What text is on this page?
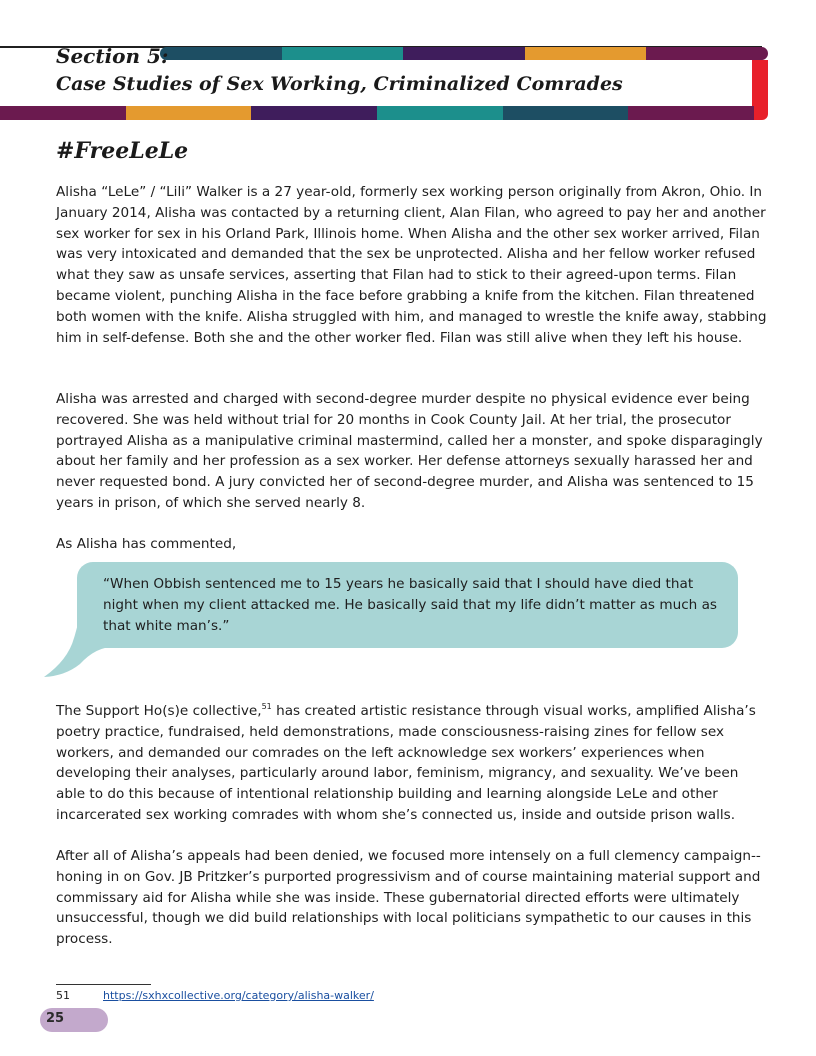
Section 5:

Case Studies of Sex Working, Criminalized Comrades

#FreeLeLe

Alisha “LeLe” / “Lili” Walker is a 27 year-old, formerly sex working person originally from Akron, Ohio. In January 2014, Alisha was contacted by a returning client, Alan Filan, who agreed to pay her and another sex worker for sex in his Orland Park, Illinois home. When Alisha and the other sex worker arrived, Filan was very intoxicated and demanded that the sex be unprotected. Alisha and her fellow worker refused what they saw as unsafe services, asserting that Filan had to stick to their agreed-upon terms. Filan became violent, punching Alisha in the face before grabbing a knife from the kitchen. Filan threatened both women with the knife. Alisha struggled with him, and managed to wrestle the knife away, stabbing him in self-defense. Both she and the other worker fled. Filan was still alive when they left his house.

Alisha was arrested and charged with second-degree murder despite no physical evidence ever being recovered. She was held without trial for 20 months in Cook County Jail. At her trial, the prosecutor portrayed Alisha as a manipulative criminal mastermind, called her a monster, and spoke disparagingly about her family and her profession as a sex worker. Her defense attorneys sexually harassed her and never requested bond. A jury convicted her of second-degree murder, and Alisha was sentenced to 15 years in prison, of which she served nearly 8.

As Alisha has commented,

“When Obbish sentenced me to 15 years he basically said that I should have died that night when my client attacked me. He basically said that my life didn’t matter as much as that white man’s.”

The Support Ho(s)e collective,$^{51}$ has created artistic resistance through visual works, amplified Alisha’s poetry practice, fundraised, held demonstrations, made consciousness-raising zines for fellow sex workers, and demanded our comrades on the left acknowledge sex workers’ experiences when developing their analyses, particularly around labor, feminism, migrancy, and sexuality. We’ve been able to do this because of intentional relationship building and learning alongside LeLe and other incarcerated sex working comrades with whom she’s connected us, inside and outside prison walls.

After all of Alisha’s appeals had been denied, we focused more intensely on a full clemency campaign--honing in on Gov. JB Pritzker’s purported progressivism and of course maintaining material support and commissary aid for Alisha while she was inside. These gubernatorial directed efforts were ultimately unsuccessful, though we did build relationships with local politicians sympathetic to our causes in this process.

51	https://sxhxcollective.org/category/alisha-walker/

25
